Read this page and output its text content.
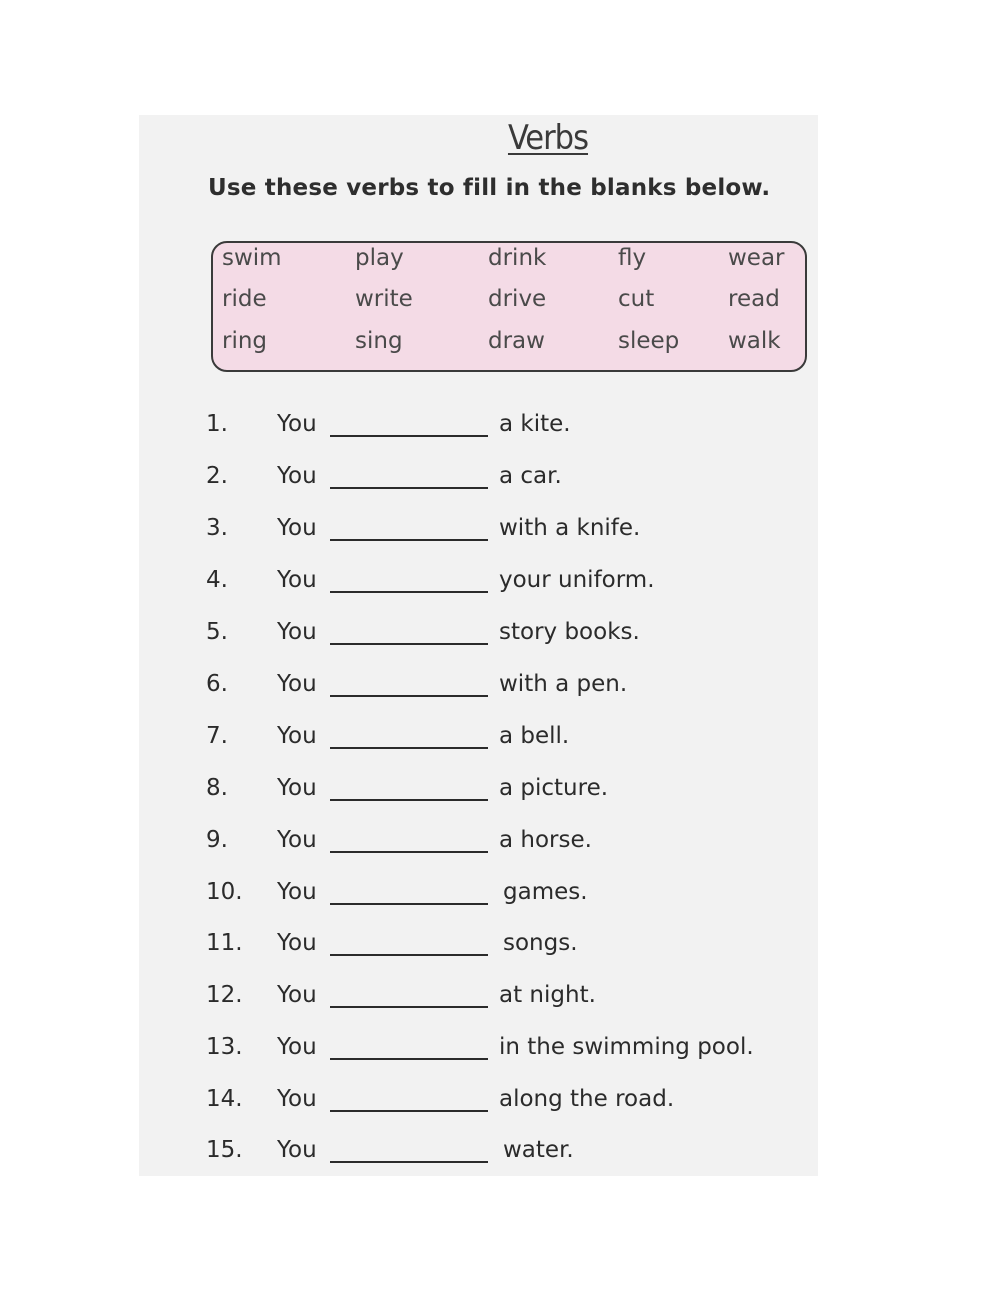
Verbs
Use these verbs to fill in the blanks below.
swim	play	drink	fly	wear
ride	write	drive	cut	read
ring	sing	draw	sleep walk
1. You	a kite.
2. You	a car.
3. You	with a knife.
4. You	your uniform.
5. You	story books.
6. You	with a pen.
7. You	a bell.
8. You	a picture.
9. You	a horse.
10. You	games.
11. You	songs.
12. You	at night.
13. You	in the swimming pool.
14. You	along the road.
15. You	water.
